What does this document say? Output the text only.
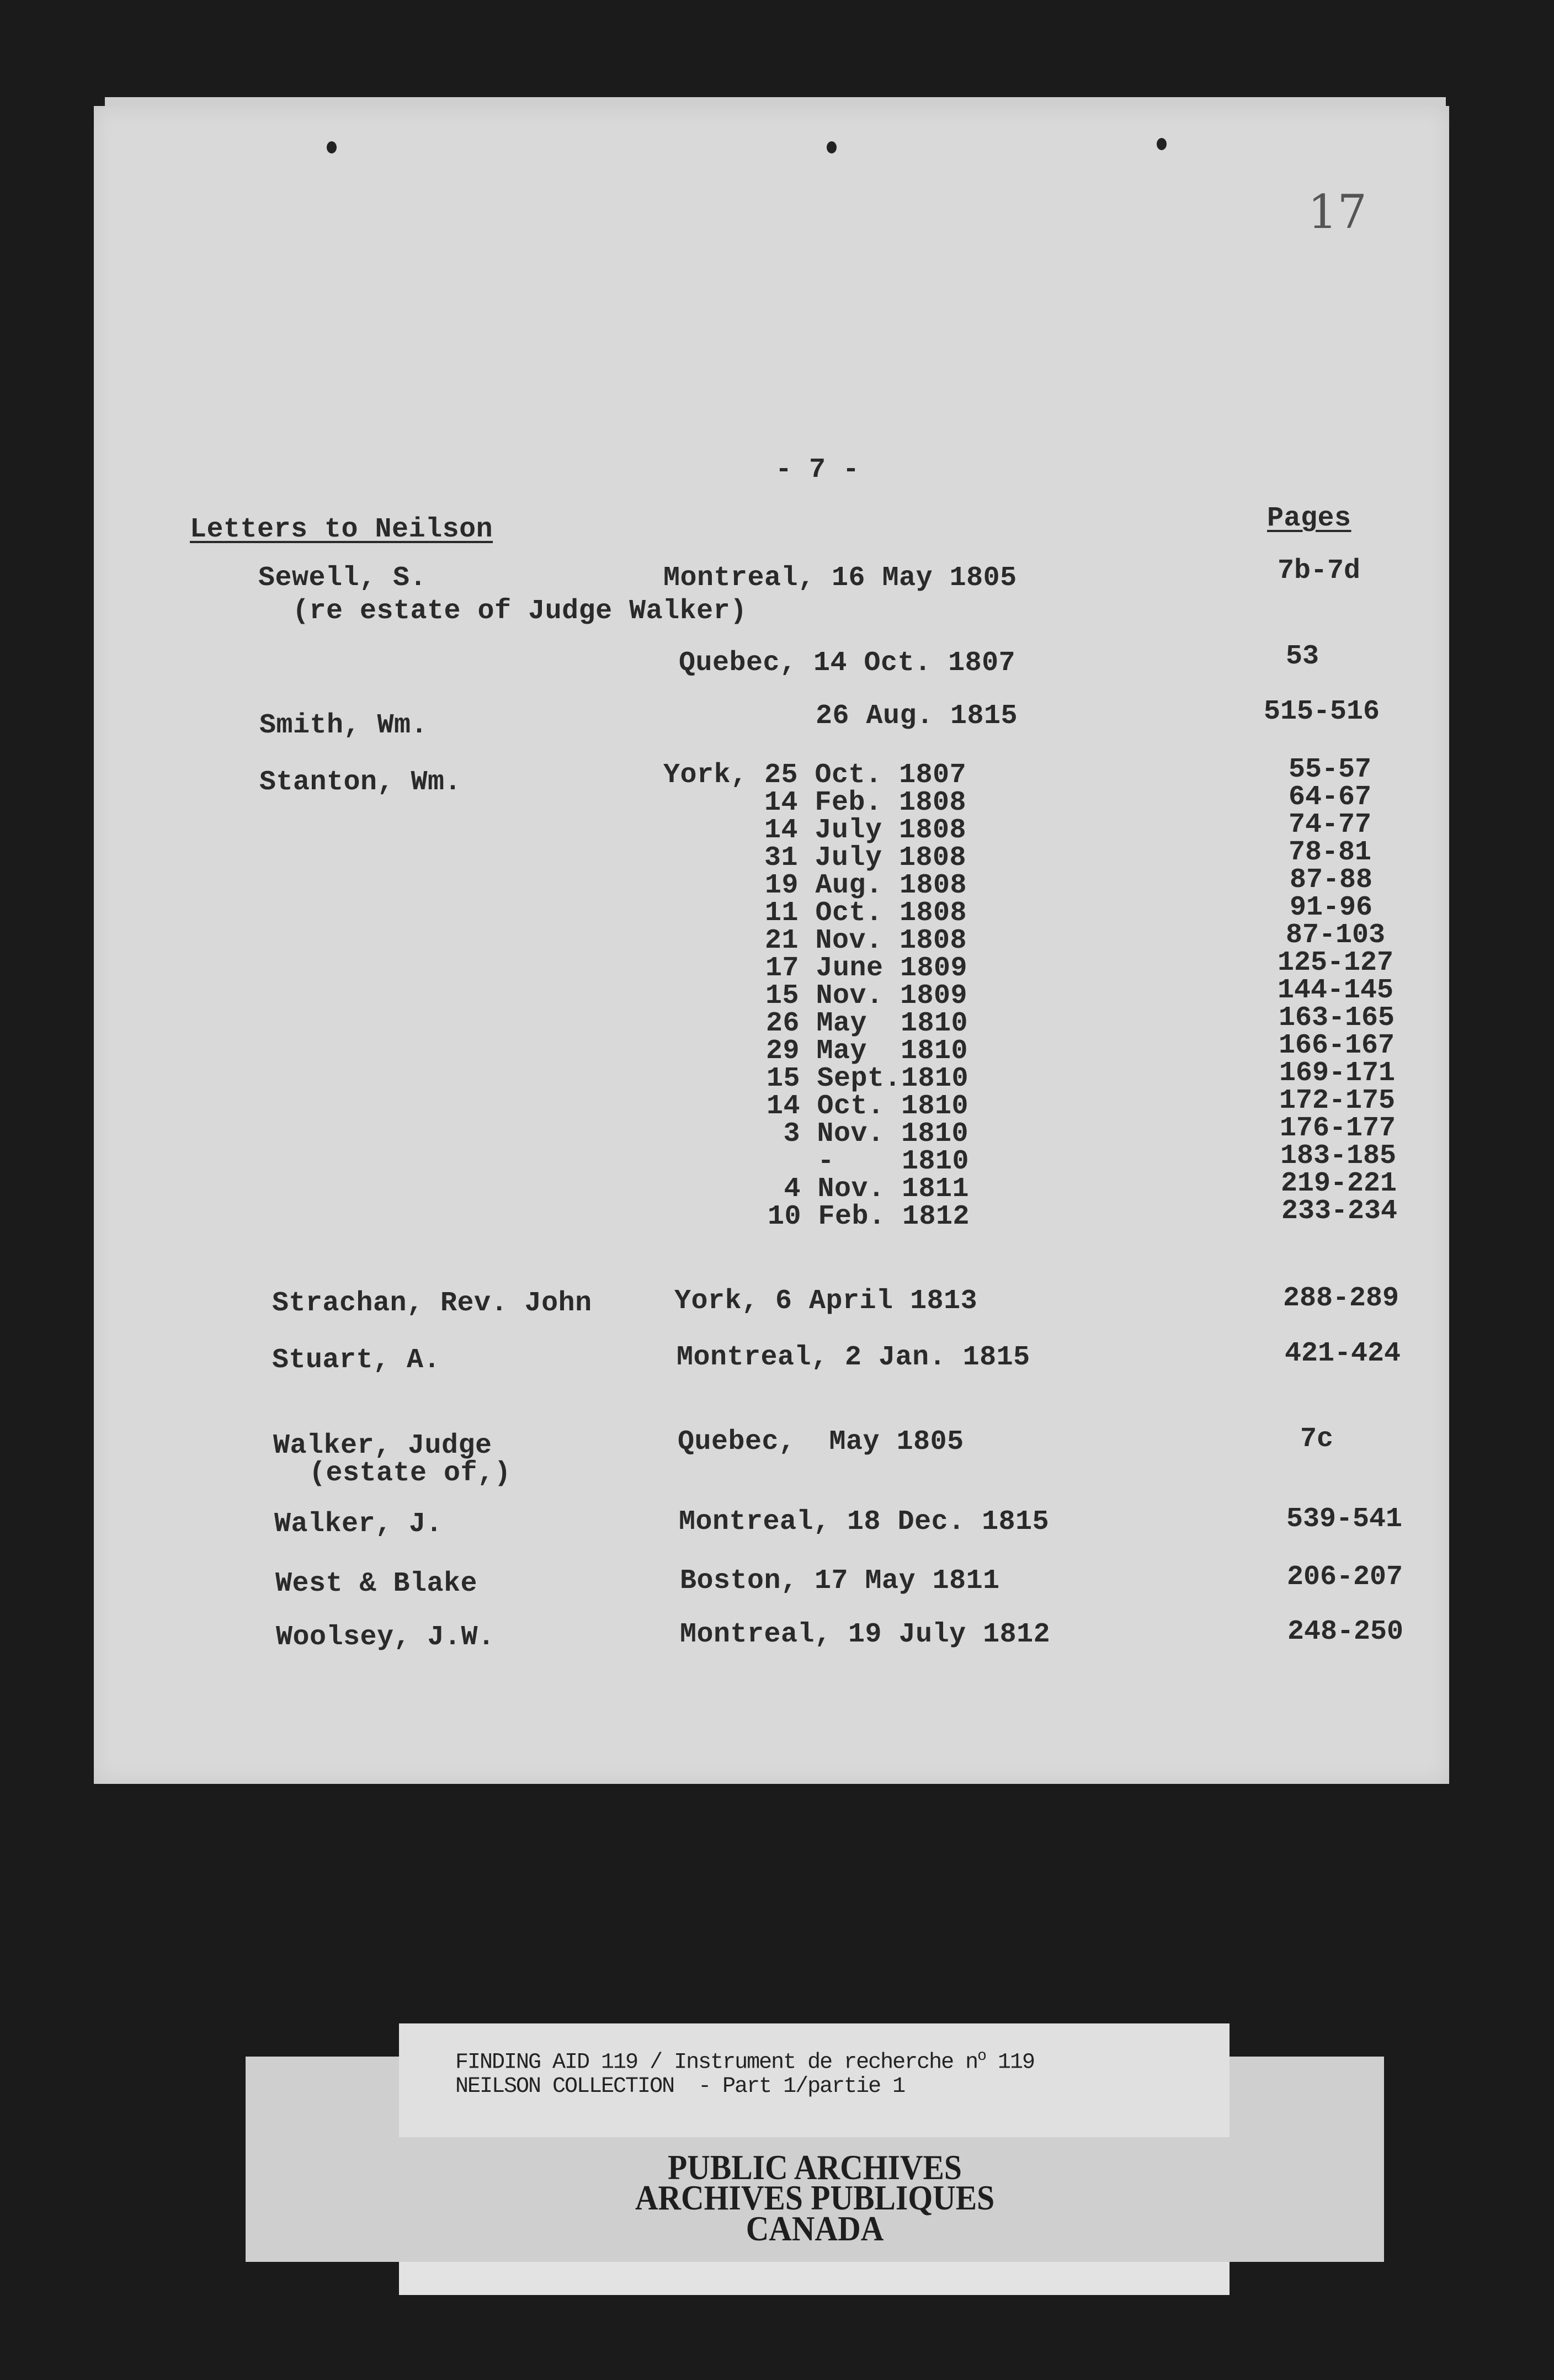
17
- 7 -
Letters to Neilson	Pages
Sewell, S.	Montreal, 16 May 1805	7b-7d
(re estate of Judge Walker)
Quebec, 14 Oct. 1807	53
Smith, Wm.	26 Aug. 1815	515-516
Stanton, Wm.	York, 25 Oct. 1807	55-57
14 Feb. 1808	64-67
14 July 1808	74-77
31 July 1808	78-81
19 Aug. 1808	87-88
11 Oct. 1808	91-96
21 Nov. 1808	87-103
17 June 1809	125-127
15 Nov. 1809	144-145
26 May  1810	163-165
29 May  1810	166-167
15 Sept.1810	169-171
14 Oct. 1810	172-175
3 Nov. 1810	176-177
-    1810	183-185
4 Nov. 1811	219-221
10 Feb. 1812	233-234
Strachan, Rev. John	York, 6 April 1813	288-289
Stuart, A.	Montreal, 2 Jan. 1815	421-424
Walker, Judge	Quebec,  May 1805	7c
(estate of,)
Walker, J.	Montreal, 18 Dec. 1815	539-541
West & Blake	Boston, 17 May 1811	206-207
Woolsey, J.W.	Montreal, 19 July 1812	248-250
FINDING AID 119 / Instrument de recherche $n^o$ 119
NEILSON COLLECTION  - Part 1/partie 1
PUBLIC ARCHIVES
ARCHIVES PUBLIQUES
CANADA
